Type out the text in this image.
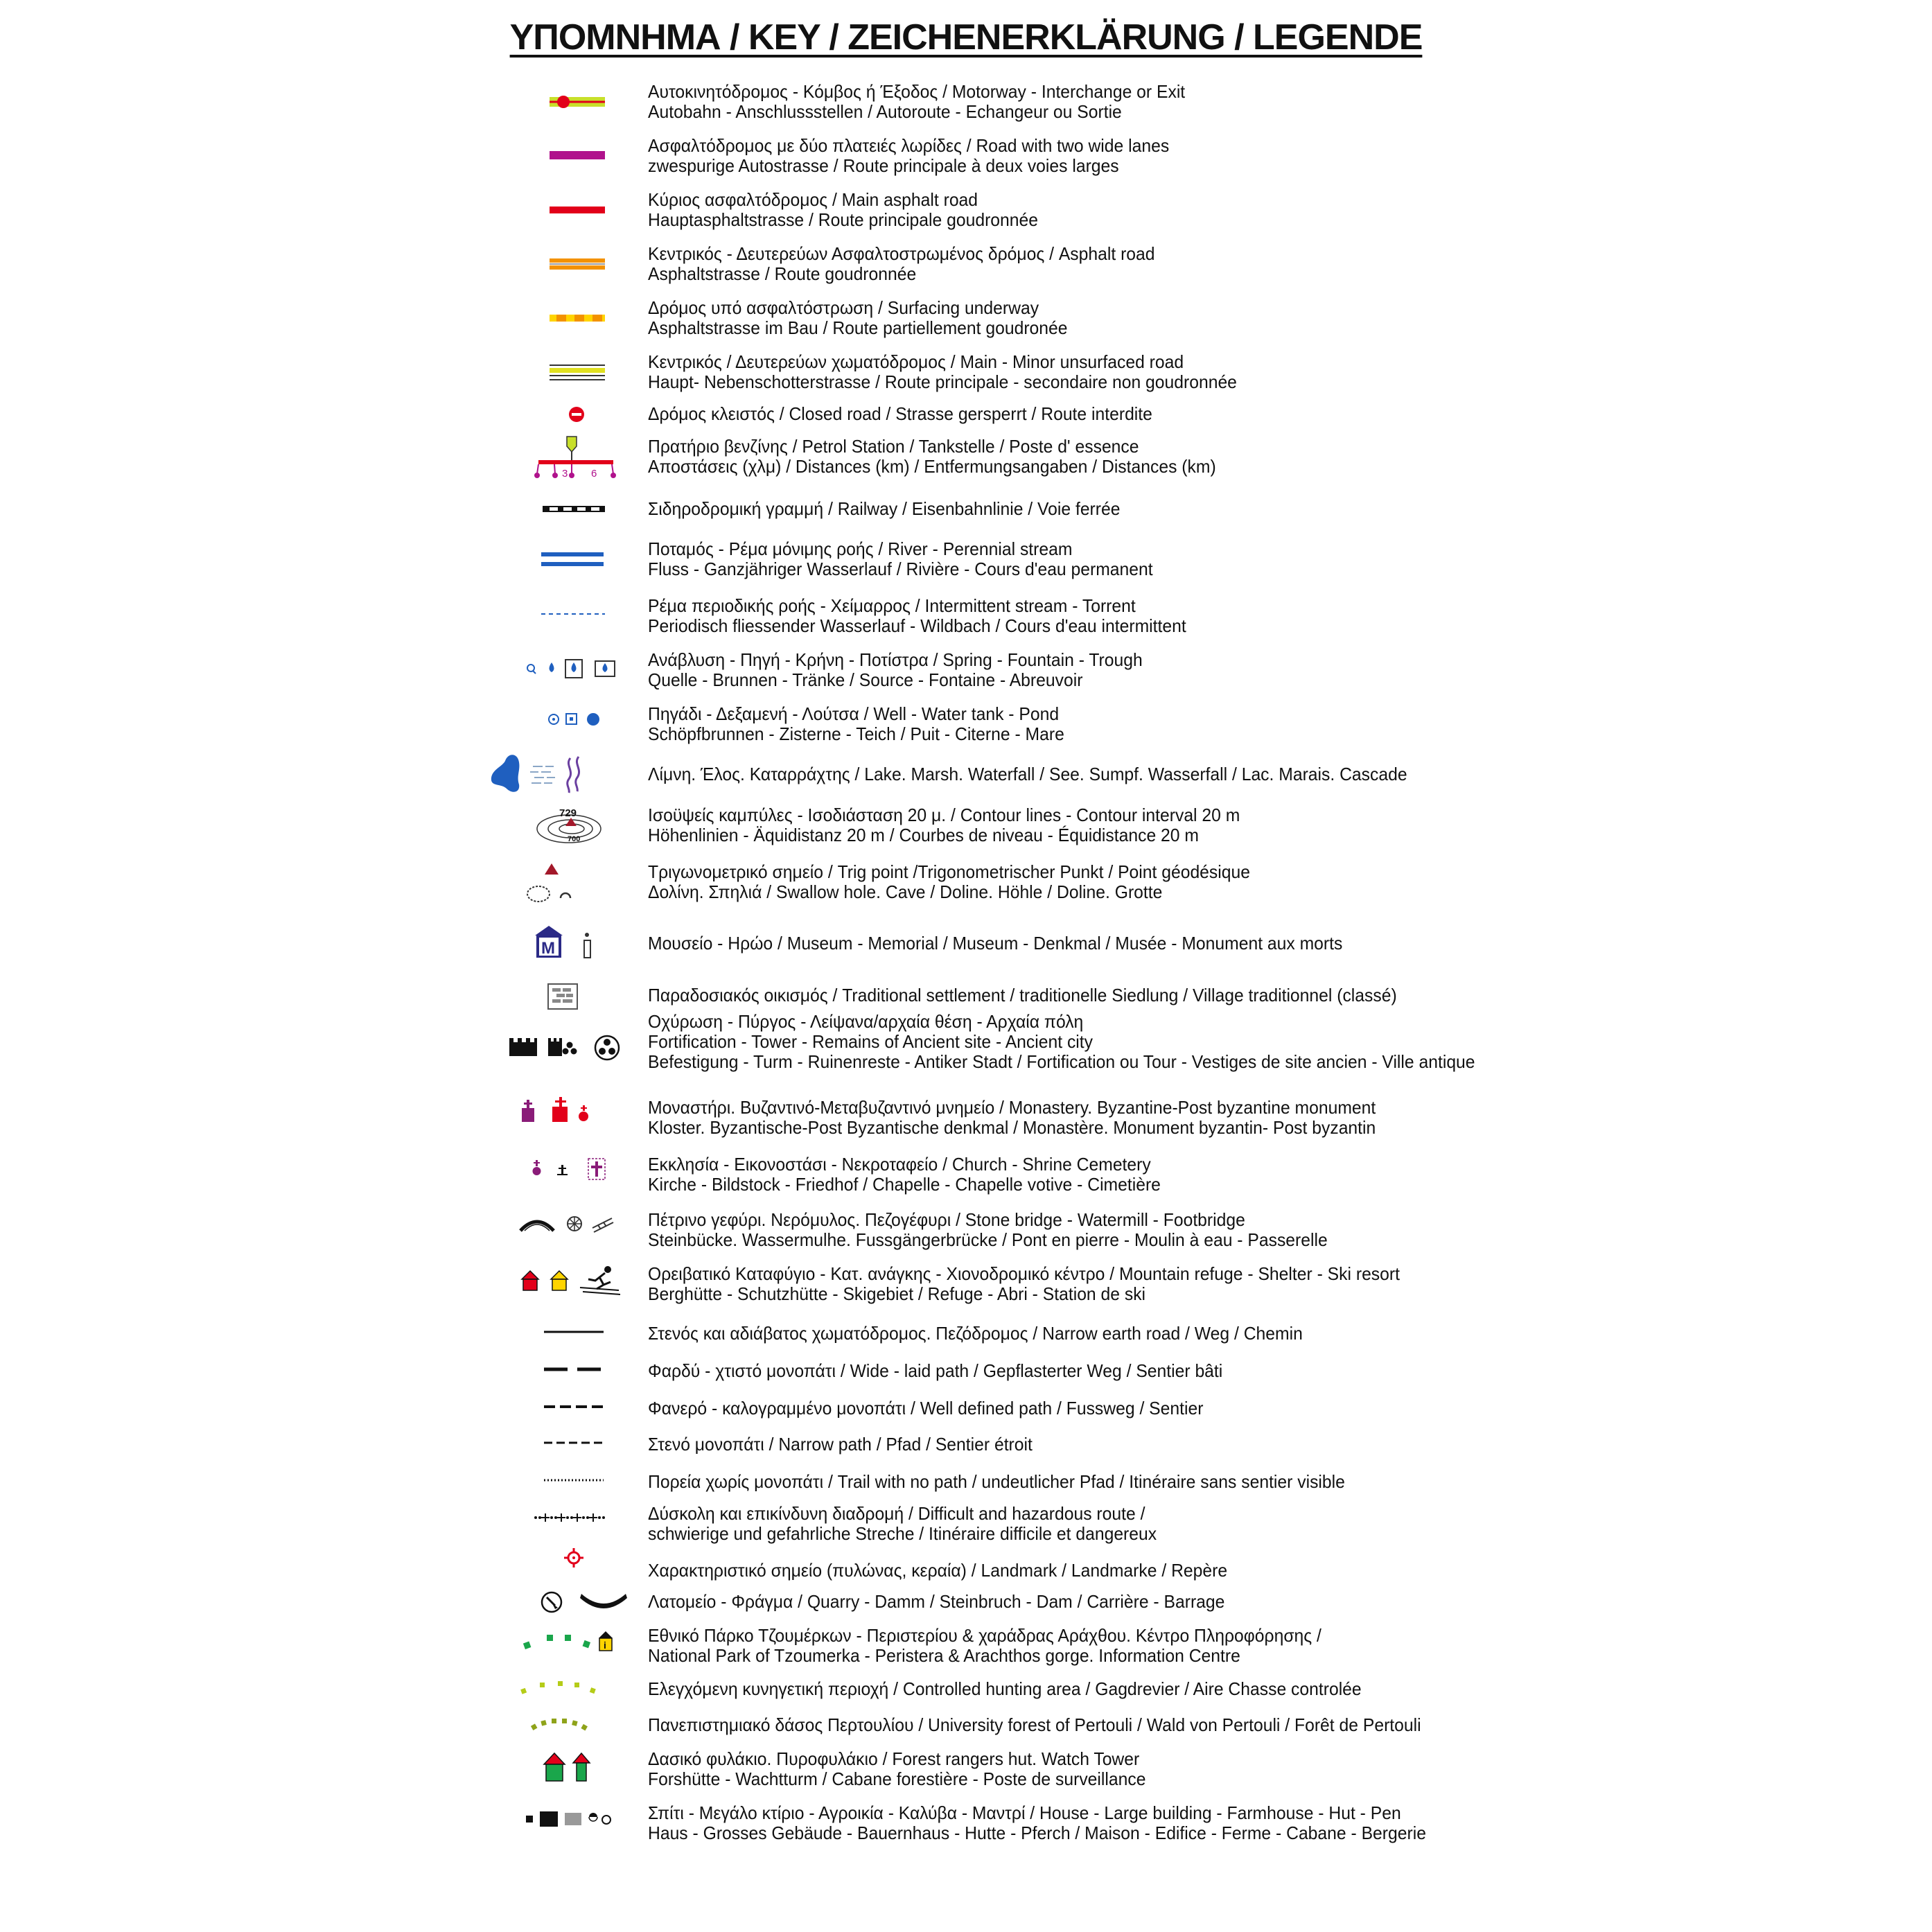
ΥΠΟΜΝΗΜΑ / KEY / ZEICHENERKLÄRUNG / LEGENDE
Αυτοκινητόδρομος - Κόμβος ή Έξοδος / Motorway - Interchange or Exit
Autobahn - Anschlussstellen / Autoroute - Echangeur ou Sortie
Ασφαλτόδρομος με δύο πλατειές λωρίδες / Road with two wide lanes
zwespurige Autostrasse / Route principale à deux voies larges
Κύριος ασφαλτόδρομος / Main asphalt road
Hauptasphaltstrasse / Route principale goudronnée
Κεντρικός - Δευτερεύων Ασφαλτοστρωμένος δρόμος / Asphalt road
Asphaltstrasse / Route goudronnée
Δρόμος υπό ασφαλτόστρωση / Surfacing underway
Asphaltstrasse im Bau / Route partiellement goudronée
Κεντρικός / Δευτερεύων χωματόδρομος / Main - Minor unsurfaced road
Haupt- Nebenschotterstrasse / Route principale - secondaire non goudronnée
Δρόμος κλειστός / Closed road / Strasse gersperrt / Route interdite
3 6
Πρατήριο βενζίνης / Petrol Station / Tankstelle / Poste d' essence
Αποστάσεις (χλμ) / Distances (km) / Entfermungsangaben / Distances (km)
Σιδηροδρομική γραμμή / Railway / Eisenbahnlinie / Voie ferrée
Ποταμός - Ρέμα μόνιμης ροής / River - Perennial stream
Fluss - Ganzjähriger Wasserlauf / Rivière - Cours d'eau permanent
Ρέμα περιοδικής ροής - Χείμαρρος / Intermittent stream - Torrent
Periodisch fliessender Wasserlauf - Wildbach / Cours d'eau intermittent
Ανάβλυση - Πηγή - Κρήνη - Ποτίστρα / Spring - Fountain - Trough
Quelle - Brunnen - Tränke / Source - Fontaine - Abreuvoir
Πηγάδι - Δεξαμενή - Λούτσα / Well - Water tank - Pond
Schöpfbrunnen - Zisterne - Teich / Puit - Citerne - Mare
Λίμνη. Έλος. Καταρράχτης / Lake. Marsh. Waterfall / See. Sumpf. Wasserfall / Lac. Marais. Cascade
729
700
Ισοϋψείς καμπύλες - Ισοδιάσταση 20 μ. / Contour lines - Contour interval 20 m
Höhenlinien - Äquidistanz 20 m / Courbes de niveau - Équidistance 20 m
Τριγωνομετρικό σημείο / Trig point /Trigonometrischer Punkt / Point géodésique
Δολίνη. Σπηλιά / Swallow hole. Cave / Doline. Höhle / Doline. Grotte
M	Μουσείο - Ηρώο / Museum - Memorial / Museum - Denkmal / Musée - Monument aux morts
Παραδοσιακός οικισμός / Traditional settlement / traditionelle Siedlung / Village traditionnel (classé)
Οχύρωση - Πύργος - Λείψανα/αρχαία θέση - Αρχαία πόλη
Fortification - Tower - Remains of Ancient site - Ancient city
Befestigung - Turm - Ruinenreste - Antiker Stadt / Fortification ou Tour - Vestiges de site ancien - Ville antique
Μοναστήρι. Βυζαντινό-Μεταβυζαντινό μνημείο / Monastery. Byzantine-Post byzantine monument
Kloster. Byzantische-Post Byzantische denkmal / Monastère. Monument byzantin- Post byzantin
Εκκλησία - Εικονοστάσι - Νεκροταφείο / Church - Shrine Cemetery
Kirche - Bildstock - Friedhof / Chapelle - Chapelle votive - Cimetière
Πέτρινο γεφύρι. Νερόμυλος. Πεζογέφυρι / Stone bridge - Watermill - Footbridge
Steinbücke. Wassermulhe. Fussgängerbrücke / Pont en pierre - Moulin à eau - Passerelle
Ορειβατικό Καταφύγιο - Κατ. ανάγκης - Χιονοδρομικό κέντρο / Mountain refuge - Shelter - Ski resort
Berghütte - Schutzhütte - Skigebiet / Refuge - Abri - Station de ski
Στενός και αδιάβατος χωματόδρομος. Πεζόδρομος / Narrow earth road / Weg / Chemin
Φαρδύ - χτιστό μονοπάτι / Wide - laid path / Gepflasterter Weg / Sentier bâti
Φανερό - καλογραμμένο μονοπάτι / Well defined path / Fussweg / Sentier
Στενό μονοπάτι / Narrow path / Pfad / Sentier étroit
Πορεία χωρίς μονοπάτι / Trail with no path / undeutlicher Pfad / Itinéraire sans sentier visible
Δύσκολη και επικίνδυνη διαδρομή / Difficult and hazardous route /
schwierige und gefahrliche Streche / Itinéraire difficile et dangereux
Χαρακτηριστικό σημείο (πυλώνας, κεραία) / Landmark / Landmarke / Repère
Λατομείο - Φράγμα / Quarry - Damm / Steinbruch - Dam / Carrière - Barrage
i Εθνικό Πάρκο Τζουμέρκων - Περιστερίου & χαράδρας Αράχθου. Κέντρο Πληροφόρησης /
National Park of Tzoumerka - Peristera & Arachthos gorge. Information Centre
Ελεγχόμενη κυνηγετική περιοχή / Controlled hunting area / Gagdrevier / Aire Chasse controlée
Πανεπιστημιακό δάσος Περτουλίου / University forest of Pertouli / Wald von Pertouli / Forêt de Pertouli
Δασικό φυλάκιο. Πυροφυλάκιο / Forest rangers hut. Watch Tower
Forshütte - Wachtturm / Cabane forestière - Poste de surveillance
Σπίτι - Μεγάλο κτίριο - Αγροικία - Καλύβα - Μαντρί / House - Large building - Farmhouse - Hut - Pen
Haus - Grosses Gebäude - Bauernhaus - Hutte - Pferch / Maison - Edifice - Ferme - Cabane - Bergerie
